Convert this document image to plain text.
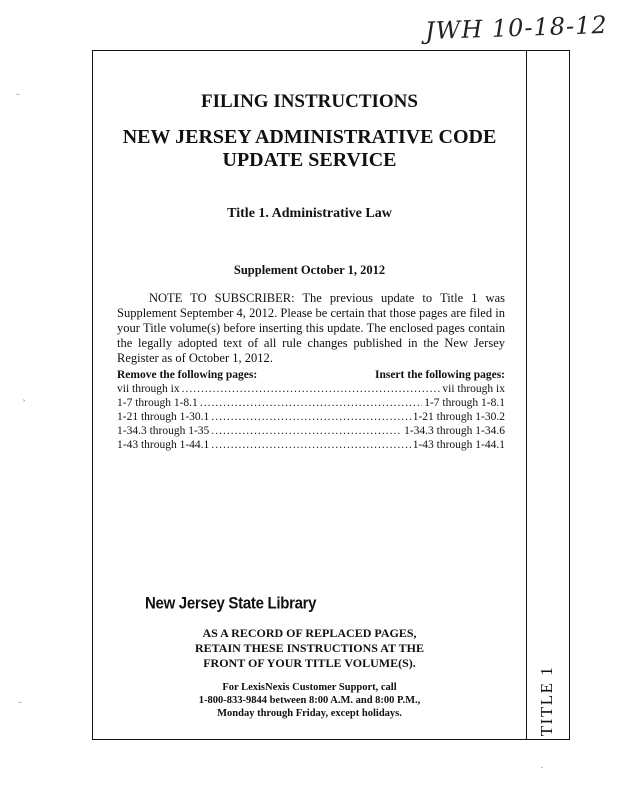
JWH 10-18-12
FILING INSTRUCTIONS
NEW JERSEY ADMINISTRATIVE CODE
UPDATE SERVICE
Title 1. Administrative Law
Supplement October 1, 2012
NOTE TO SUBSCRIBER: The previous update to Title 1 was Supplement September 4, 2012. Please be certain that those pages are filed in your Title volume(s) before inserting this update. The enclosed pages contain the legally adopted text of all rule changes published in the New Jersey Register as of October 1, 2012.
Remove the following pages:	Insert the following pages:
vii through ix .....	vii through ix
1-7 through 1-8.1 .....	1-7 through 1-8.1
1-21 through 1-30.1 .....	1-21 through 1-30.2
1-34.3 through 1-35 .....	1-34.3 through 1-34.6
1-43 through 1-44.1 .....	1-43 through 1-44.1
New Jersey State Library
AS A RECORD OF REPLACED PAGES,
RETAIN THESE INSTRUCTIONS AT THE
FRONT OF YOUR TITLE VOLUME(S).
For LexisNexis Customer Support, call
1-800-833-9844 between 8:00 A.M. and 8:00 P.M.,
Monday through Friday, except holidays.	TITLE 1
˘
¸
˘
·
